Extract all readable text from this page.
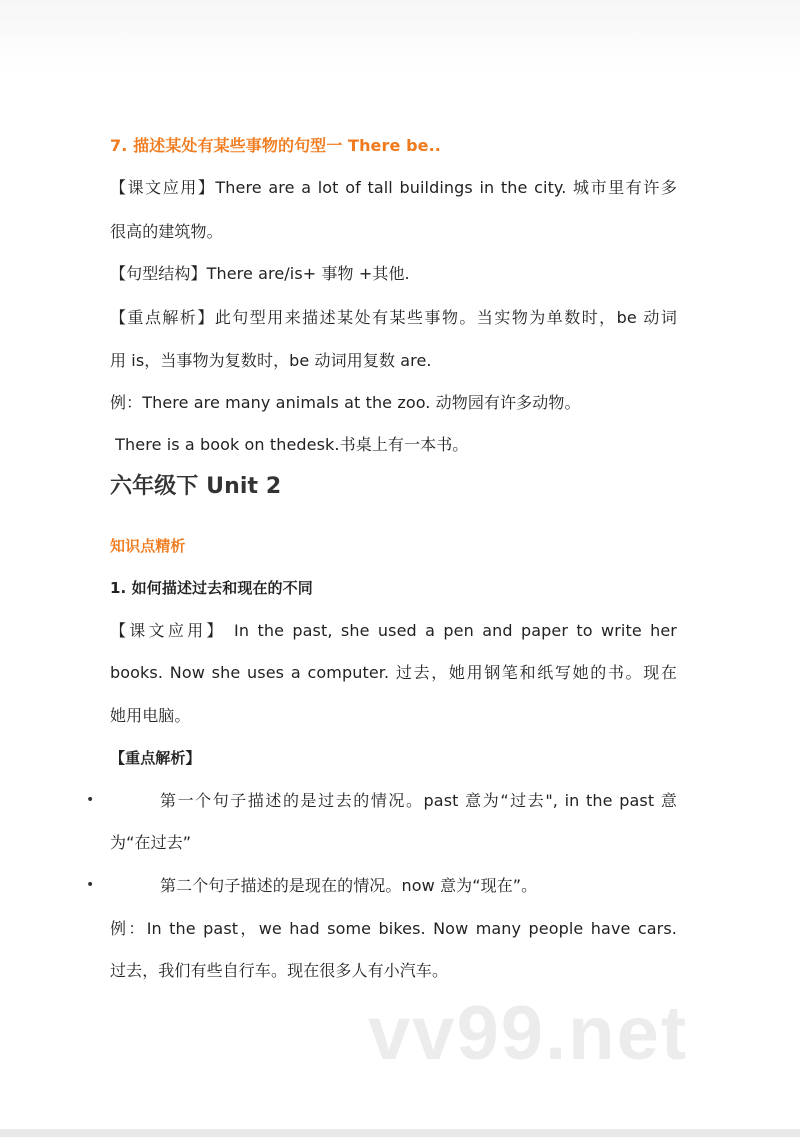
7. 描述某处有某些事物的句型一 There be..
【课文应用】There are a lot of tall buildings in the city. 城市里有许多
很高的建筑物。
【句型结构】There are/is+ 事物 +其他.
【重点解析】此句型用来描述某处有某些事物。当实物为单数时，be 动词
用 is，当事物为复数时，be 动词用复数 are.
例：There are many animals at the zoo. 动物园有许多动物。
There is a book on thedesk.书桌上有一本书。
六年级下 Unit 2
知识点精析
1. 如何描述过去和现在的不同
【课文应用】 In the past, she used a pen and paper to write her
books. Now she uses a computer. 过去，她用钢笔和纸写她的书。现在
她用电脑。
【重点解析】
•	第一个句子描述的是过去的情况。past 意为“过去", in the past 意
为“在过去”
•	第二个句子描述的是现在的情况。now 意为“现在”。
例：In the past，we had some bikes. Now many people have cars.
过去，我们有些自行车。现在很多人有小汽车。
vv99.net
